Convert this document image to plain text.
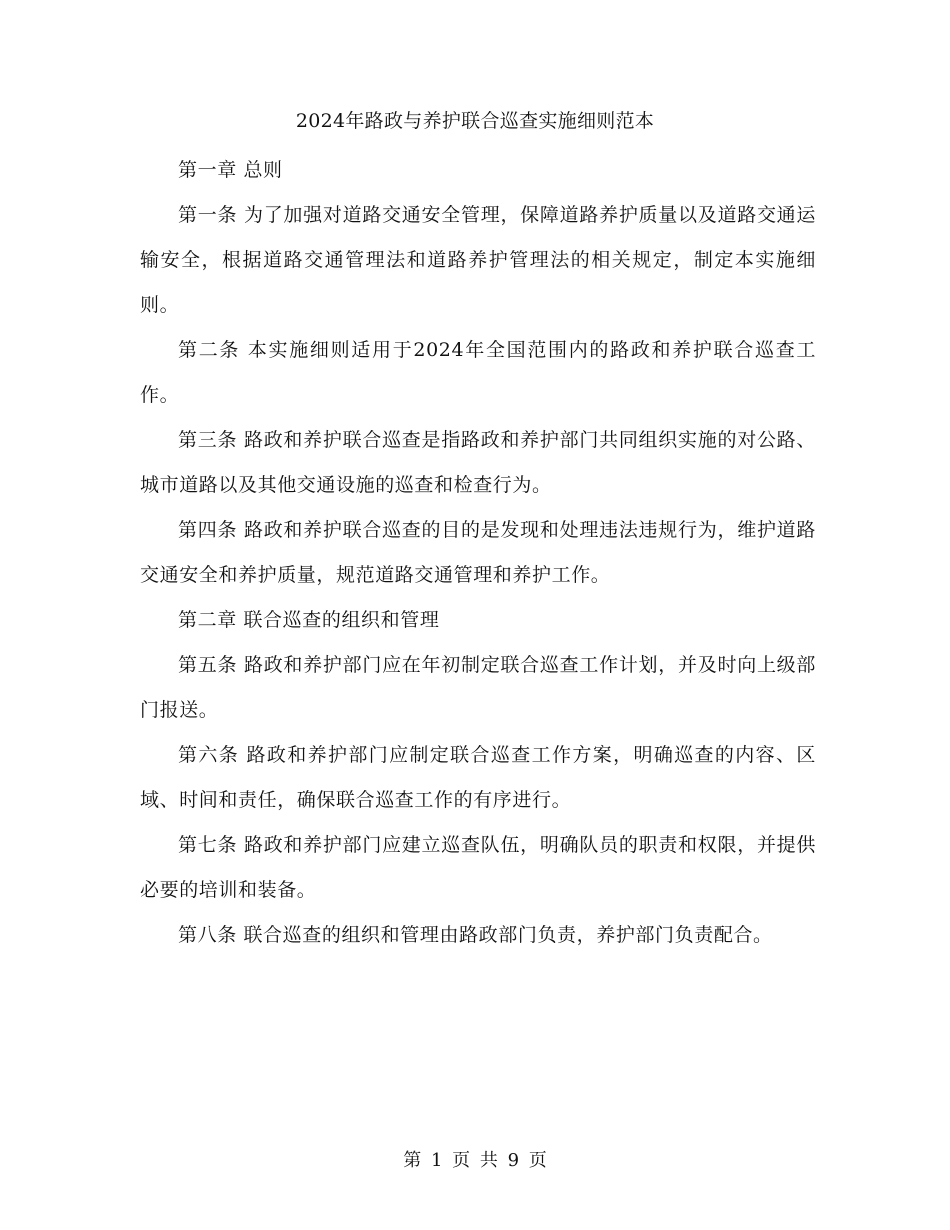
2024年路政与养护联合巡查实施细则范本

第一章 总则

第一条 为了加强对道路交通安全管理，保障道路养护质量以及道路交通运输安全，根据道路交通管理法和道路养护管理法的相关规定，制定本实施细则。

第二条 本实施细则适用于2024年全国范围内的路政和养护联合巡查工作。

第三条 路政和养护联合巡查是指路政和养护部门共同组织实施的对公路、城市道路以及其他交通设施的巡查和检查行为。

第四条 路政和养护联合巡查的目的是发现和处理违法违规行为，维护道路交通安全和养护质量，规范道路交通管理和养护工作。

第二章 联合巡查的组织和管理

第五条 路政和养护部门应在年初制定联合巡查工作计划，并及时向上级部门报送。

第六条 路政和养护部门应制定联合巡查工作方案，明确巡查的内容、区域、时间和责任，确保联合巡查工作的有序进行。

第七条 路政和养护部门应建立巡查队伍，明确队员的职责和权限，并提供必要的培训和装备。

第八条 联合巡查的组织和管理由路政部门负责，养护部门负责配合。

第 1 页 共 9 页
